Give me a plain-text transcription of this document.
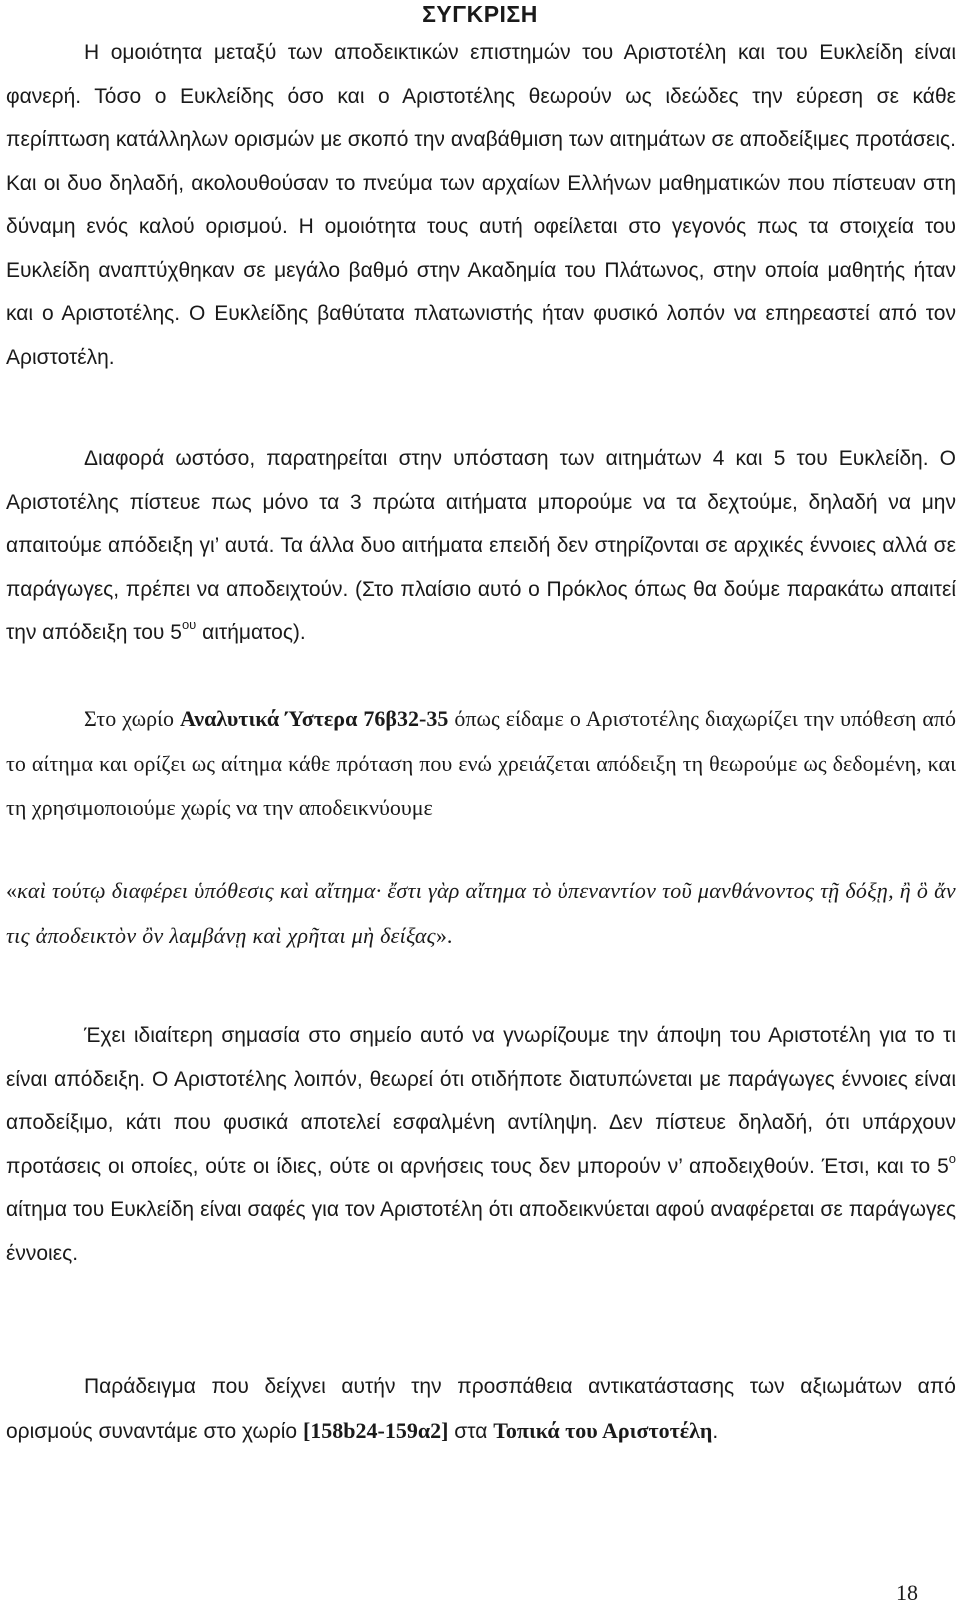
ΣΥΓΚΡΙΣΗ

Η ομοιότητα μεταξύ των αποδεικτικών επιστημών του Αριστοτέλη και του Ευκλείδη είναι φανερή. Τόσο ο Ευκλείδης όσο και ο Αριστοτέλης θεωρούν ως ιδεώδες την εύρεση σε κάθε περίπτωση κατάλληλων ορισμών με σκοπό την αναβάθμιση των αιτημάτων σε αποδείξιμες προτάσεις. Και οι δυο δηλαδή, ακολουθούσαν το πνεύμα των αρχαίων Ελλήνων μαθηματικών που πίστευαν στη δύναμη ενός καλού ορισμού. Η ομοιότητα τους αυτή οφείλεται στο γεγονός πως τα στοιχεία του Ευκλείδη αναπτύχθηκαν σε μεγάλο βαθμό στην Ακαδημία του Πλάτωνος, στην οποία μαθητής ήταν και ο Αριστοτέλης. Ο Ευκλείδης βαθύτατα πλατωνιστής ήταν φυσικό λοπόν να επηρεαστεί από τον Αριστοτέλη.

Διαφορά ωστόσο, παρατηρείται στην υπόσταση των αιτημάτων 4 και 5 του Ευκλείδη. Ο Αριστοτέλης πίστευε πως μόνο τα 3 πρώτα αιτήματα μπορούμε να τα δεχτούμε, δηλαδή να μην απαιτούμε απόδειξη γι’ αυτά. Τα άλλα δυο αιτήματα επειδή δεν στηρίζονται σε αρχικές έννοιες αλλά σε παράγωγες, πρέπει να αποδειχτούν. (Στο πλαίσιο αυτό ο Πρόκλος όπως θα δούμε παρακάτω απαιτεί την απόδειξη του $5^{o\upsilon}$ αιτήματος).

Στο χωρίο Αναλυτικά Ύστερα 76β32-35 όπως είδαμε ο Αριστοτέλης διαχωρίζει την υπόθεση από το αίτημα και ορίζει ως αίτημα κάθε πρόταση που ενώ χρειάζεται απόδειξη τη θεωρούμε ως δεδομένη, και τη χρησιμοποιούμε χωρίς να την αποδεικνύουμε

«καὶ τούτῳ διαφέρει ὑπόθεσις καὶ αἴτημα· ἔστι γὰρ αἴτημα τὸ ὑπεναντίον τοῦ μανθάνοντος τῇ δόξῃ, ἢ ὃ ἄν τις ἀποδεικτὸν ὂν λαμβάνῃ καὶ χρῆται μὴ δείξας».

Έχει ιδιαίτερη σημασία στο σημείο αυτό να γνωρίζουμε την άποψη του Αριστοτέλη για το τι είναι απόδειξη. Ο Αριστοτέλης λοιπόν, θεωρεί ότι οτιδήποτε διατυπώνεται με παράγωγες έννοιες είναι αποδείξιμο, κάτι που φυσικά αποτελεί εσφαλμένη αντίληψη. Δεν πίστευε δηλαδή, ότι υπάρχουν προτάσεις οι οποίες, ούτε οι ίδιες, ούτε οι αρνήσεις τους δεν μπορούν ν’ αποδειχθούν. Έτσι, και το $5^o$ αίτημα του Ευκλείδη είναι σαφές για τον Αριστοτέλη ότι αποδεικνύεται αφού αναφέρεται σε παράγωγες έννοιες.

Παράδειγμα που δείχνει αυτήν την προσπάθεια αντικατάστασης των αξιωμάτων από ορισμούς συναντάμε στο χωρίο [158b24-159α2] στα Τοπικά του Αριστοτέλη.

18
